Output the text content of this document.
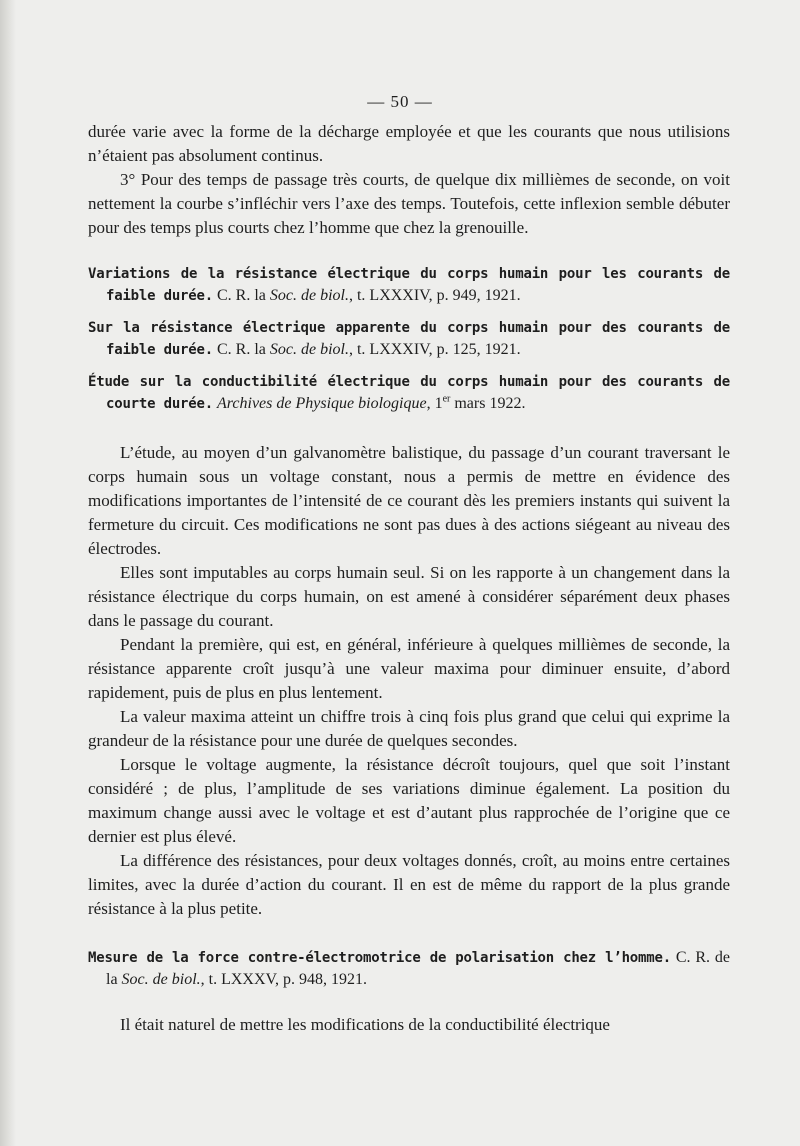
— 50 —

durée varie avec la forme de la décharge employée et que les courants que nous utilisions n’étaient pas absolument continus.

3° Pour des temps de passage très courts, de quelque dix millièmes de seconde, on voit nettement la courbe s’infléchir vers l’axe des temps. Toutefois, cette inflexion semble débuter pour des temps plus courts chez l’homme que chez la grenouille.

Variations de la résistance électrique du corps humain pour les courants de faible durée. C. R. la Soc. de biol., t. LXXXIV, p. 949, 1921.

Sur la résistance électrique apparente du corps humain pour des courants de faible durée. C. R. la Soc. de biol., t. LXXXIV, p. 125, 1921.

Étude sur la conductibilité électrique du corps humain pour des courants de courte durée. Archives de Physique biologique, 1er mars 1922.

L’étude, au moyen d’un galvanomètre balistique, du passage d’un courant traversant le corps humain sous un voltage constant, nous a permis de mettre en évidence des modifications importantes de l’intensité de ce courant dès les premiers instants qui suivent la fermeture du circuit. Ces modifications ne sont pas dues à des actions siégeant au niveau des électrodes.

Elles sont imputables au corps humain seul. Si on les rapporte à un changement dans la résistance électrique du corps humain, on est amené à considérer séparément deux phases dans le passage du courant.

Pendant la première, qui est, en général, inférieure à quelques millièmes de seconde, la résistance apparente croît jusqu’à une valeur maxima pour diminuer ensuite, d’abord rapidement, puis de plus en plus lentement.

La valeur maxima atteint un chiffre trois à cinq fois plus grand que celui qui exprime la grandeur de la résistance pour une durée de quelques secondes.

Lorsque le voltage augmente, la résistance décroît toujours, quel que soit l’instant considéré ; de plus, l’amplitude de ses variations diminue également. La position du maximum change aussi avec le voltage et est d’autant plus rapprochée de l’origine que ce dernier est plus élevé.

La différence des résistances, pour deux voltages donnés, croît, au moins entre certaines limites, avec la durée d’action du courant. Il en est de même du rapport de la plus grande résistance à la plus petite.

Mesure de la force contre-électromotrice de polarisation chez l’homme. C. R. de la Soc. de biol., t. LXXXV, p. 948, 1921.

Il était naturel de mettre les modifications de la conductibilité électrique
